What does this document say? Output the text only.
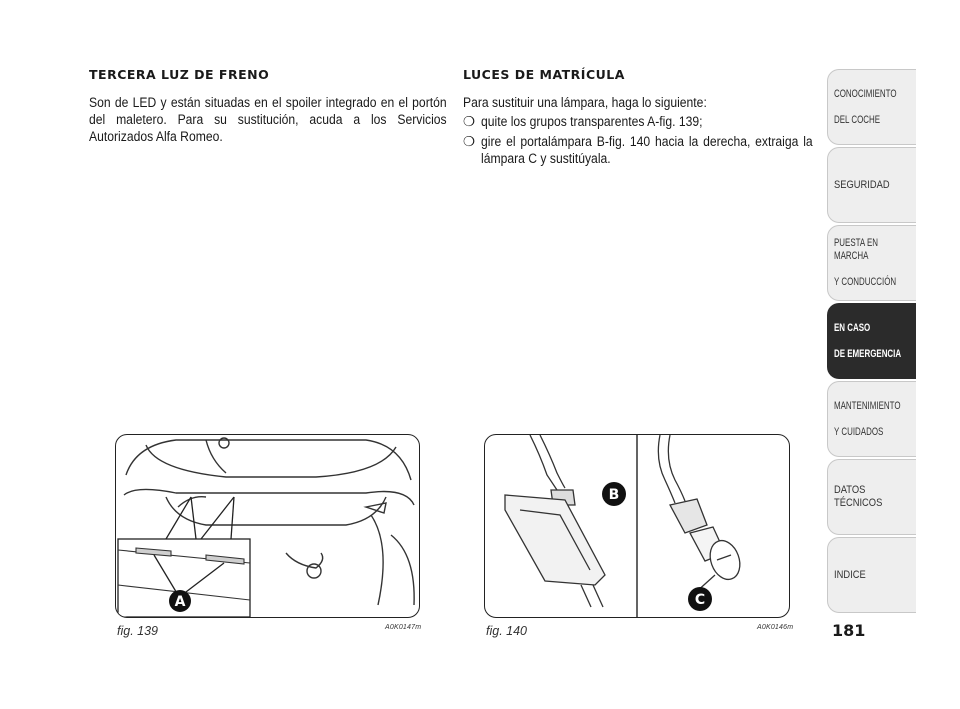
TERCERA LUZ DE FRENO

Son de LED y están situadas en el spoiler integrado en el portón del maletero. Para su sustitución, acuda a los Servicios Autorizados Alfa Romeo.

LUCES DE MATRÍCULA

Para sustituir una lámpara, haga lo siguiente:

❍ quite los grupos transparentes A-fig. 139;
❍ gire el portalámpara B-fig. 140 hacia la derecha, extraiga la lámpara C y sustitúyala.
A
fig. 139	A0K0147m
B
C
fig. 140	A0K0146m 181
CONOCIMIENTO

DEL COCHE
SEGURIDAD
PUESTA EN MARCHA

Y CONDUCCIÓN
EN CASO

DE EMERGENCIA
MANTENIMIENTO

Y CUIDADOS
DATOS TÉCNICOS
INDICE
